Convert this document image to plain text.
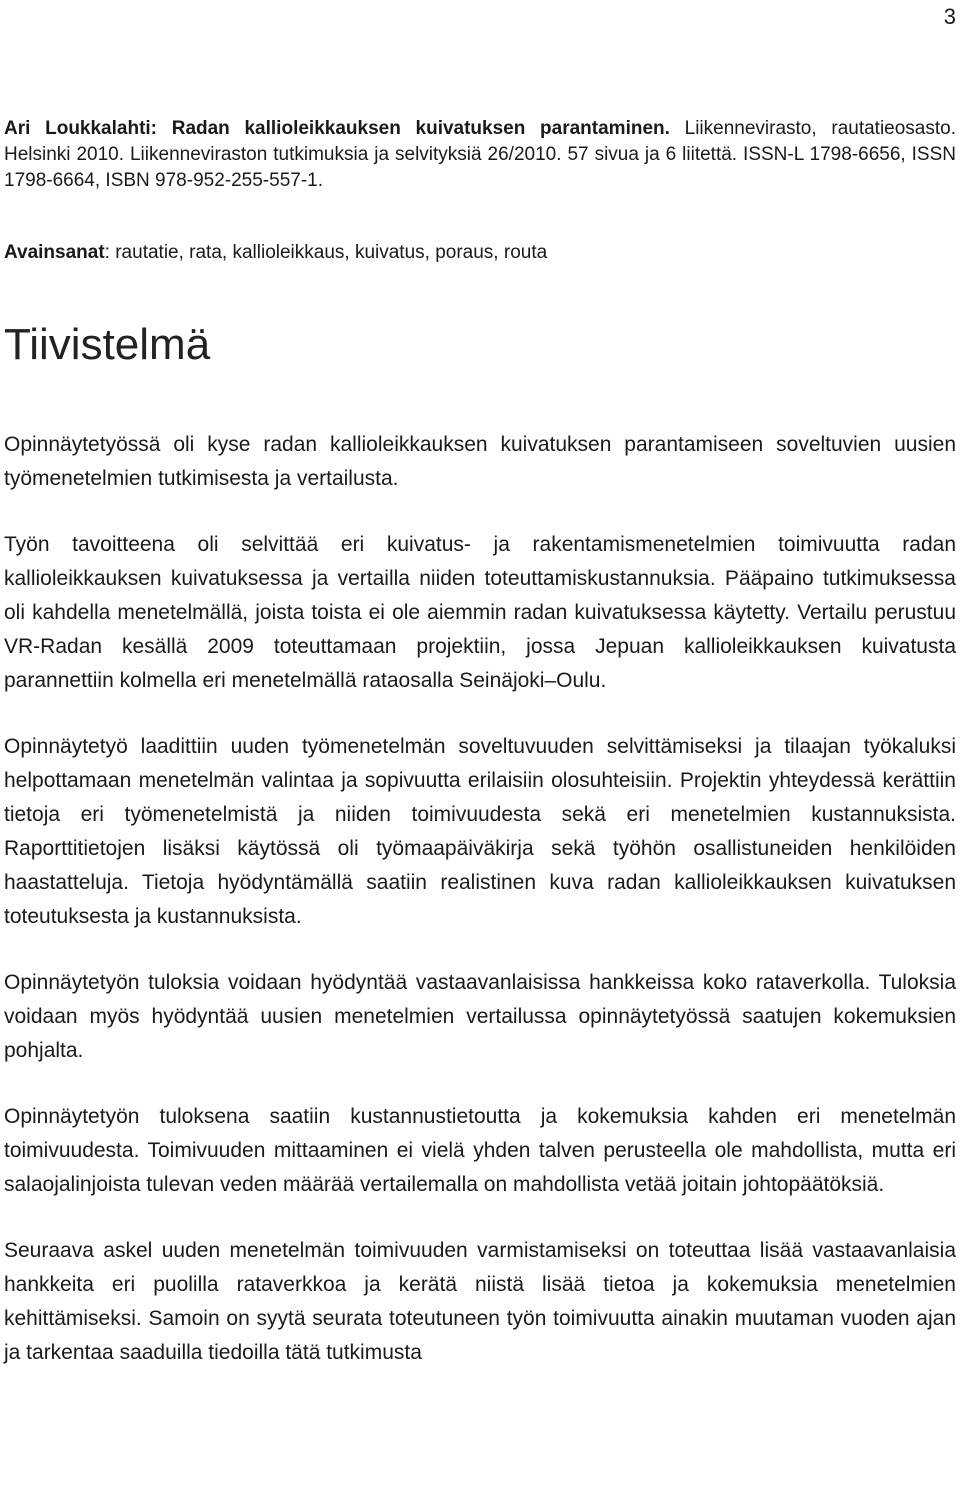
3

Ari Loukkalahti: Radan kallioleikkauksen kuivatuksen parantaminen. Liikennevirasto, rautatieosasto. Helsinki 2010. Liikenneviraston tutkimuksia ja selvityksiä 26/2010. 57 sivua ja 6 liitettä. ISSN-L 1798-6656, ISSN 1798-6664, ISBN 978-952-255-557-1.

Avainsanat: rautatie, rata, kallioleikkaus, kuivatus, poraus, routa

Tiivistelmä

Opinnäytetyössä oli kyse radan kallioleikkauksen kuivatuksen parantamiseen soveltuvien uusien työmenetelmien tutkimisesta ja vertailusta.

Työn tavoitteena oli selvittää eri kuivatus- ja rakentamismenetelmien toimivuutta radan kallioleikkauksen kuivatuksessa ja vertailla niiden toteuttamiskustannuksia. Pääpaino tutkimuksessa oli kahdella menetelmällä, joista toista ei ole aiemmin radan kuivatuksessa käytetty. Vertailu perustuu VR-Radan kesällä 2009 toteuttamaan projektiin, jossa Jepuan kallioleikkauksen kuivatusta parannettiin kolmella eri menetelmällä rataosalla Seinäjoki–Oulu.

Opinnäytetyö laadittiin uuden työmenetelmän soveltuvuuden selvittämiseksi ja tilaajan työkaluksi helpottamaan menetelmän valintaa ja sopivuutta erilaisiin olosuhteisiin. Projektin yhteydessä kerättiin tietoja eri työmenetelmistä ja niiden toimivuudesta sekä eri menetelmien kustannuksista. Raporttitietojen lisäksi käytössä oli työmaapäiväkirja sekä työhön osallistuneiden henkilöiden haastatteluja. Tietoja hyödyntämällä saatiin realistinen kuva radan kallioleikkauksen kuivatuksen toteutuksesta ja kustannuksista.

Opinnäytetyön tuloksia voidaan hyödyntää vastaavanlaisissa hankkeissa koko rataverkolla. Tuloksia voidaan myös hyödyntää uusien menetelmien vertailussa opinnäytetyössä saatujen kokemuksien pohjalta.

Opinnäytetyön tuloksena saatiin kustannustietoutta ja kokemuksia kahden eri menetelmän toimivuudesta. Toimivuuden mittaaminen ei vielä yhden talven perusteella ole mahdollista, mutta eri salaojalinjoista tulevan veden määrää vertailemalla on mahdollista vetää joitain johtopäätöksiä.

Seuraava askel uuden menetelmän toimivuuden varmistamiseksi on toteuttaa lisää vastaavanlaisia hankkeita eri puolilla rataverkkoa ja kerätä niistä lisää tietoa ja kokemuksia menetelmien kehittämiseksi. Samoin on syytä seurata toteutuneen työn toimivuutta ainakin muutaman vuoden ajan ja tarkentaa saaduilla tiedoilla tätä tutkimusta
